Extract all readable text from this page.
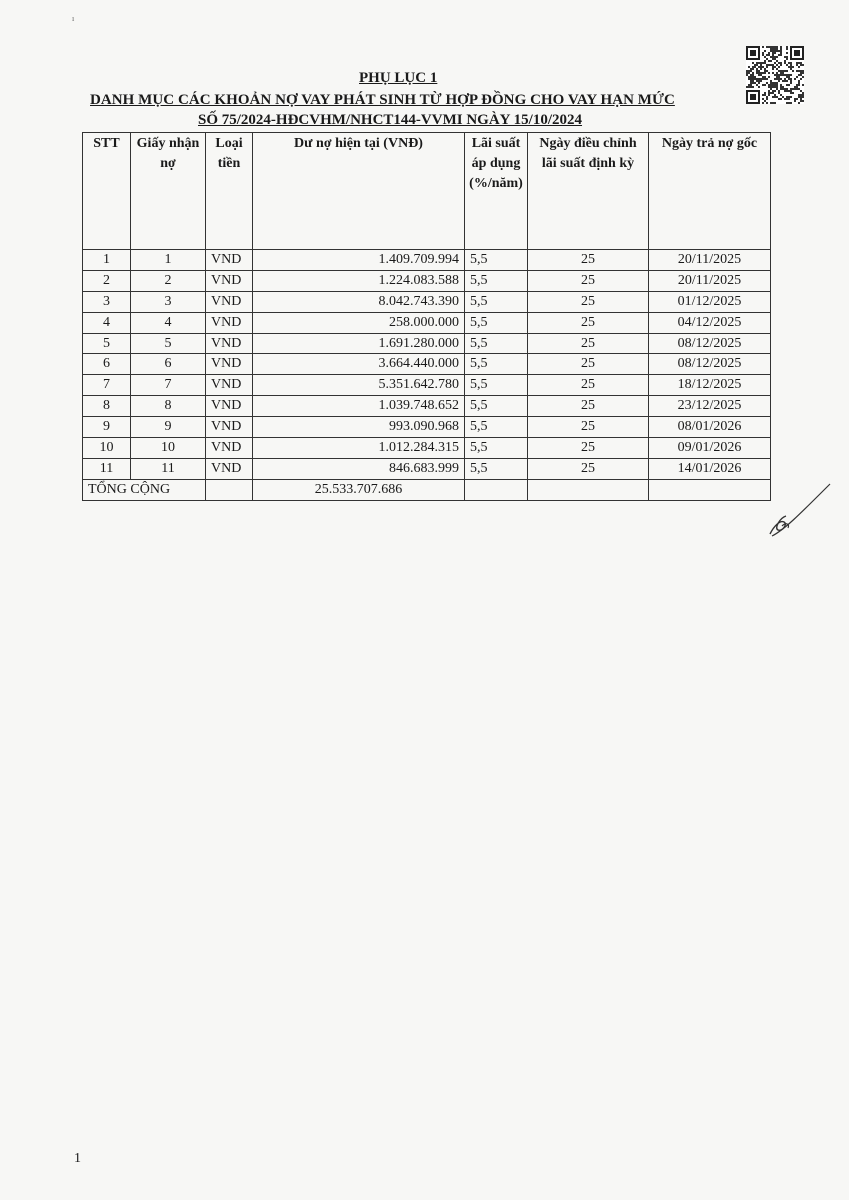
ı
PHỤ LỤC 1
DANH MỤC CÁC KHOẢN NỢ VAY PHÁT SINH TỪ HỢP ĐỒNG CHO VAY HẠN MỨC
SỐ 75/2024-HĐCVHM/NHCT144-VVMI NGÀY 15/10/2024
STT	Giấy nhận nợ	Loại tiền	Dư nợ hiện tại (VNĐ)	Lãi suất áp dụng (%/năm)	Ngày điều chỉnh lãi suất định kỳ	Ngày trả nợ gốc
1	1	VND	1.409.709.994	5,5	25	20/11/2025
2	2	VND	1.224.083.588	5,5	25	20/11/2025
3	3	VND	8.042.743.390	5,5	25	01/12/2025
4	4	VND	258.000.000	5,5	25	04/12/2025
5	5	VND	1.691.280.000	5,5	25	08/12/2025
6	6	VND	3.664.440.000	5,5	25	08/12/2025
7	7	VND	5.351.642.780	5,5	25	18/12/2025
8	8	VND	1.039.748.652	5,5	25	23/12/2025
9	9	VND	993.090.968	5,5	25	08/01/2026
10	10	VND	1.012.284.315	5,5	25	09/01/2026
11	11	VND	846.683.999	5,5	25	14/01/2026
TỔNG CỘNG			25.533.707.686			
1
